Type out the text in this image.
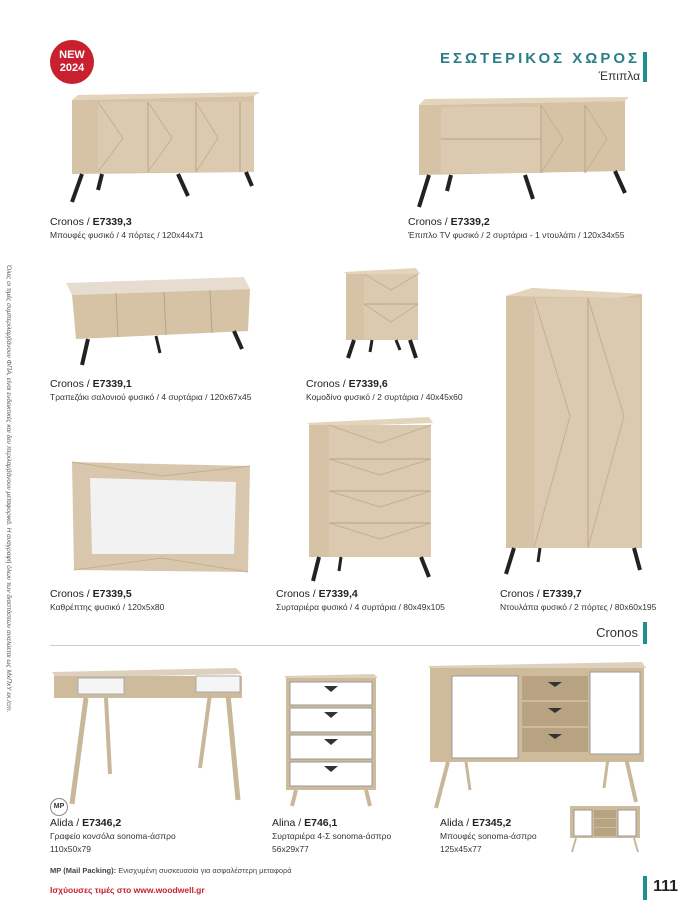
NEW
2024
ΕΣΩΤΕΡΙΚΟΣ ΧΩΡΟΣ
Έπιπλα
Όλες οι τιμές συμπεριλαμβάνουν ΦΠΑ, είναι ενδεικτικές και δεν περιλαμβάνουν μεταφορικά. Η αναγραφή όλων των διαστάσεων αναλύεται ως ΜxΠxΥ εκ./cm.
Cronos / E7339,3
Μπουφές φυσικό / 4 πόρτες / 120x44x71
Cronos / E7339,2
Έπιπλο TV φυσικό / 2 συρτάρια - 1 ντουλάπι / 120x34x55
Cronos / E7339,1
Τραπεζάκι σαλονιού φυσικό / 4 συρτάρια / 120x67x45
Cronos / E7339,6
Κομοδίνο φυσικό / 2 συρτάρια / 40x45x60
Cronos / E7339,5
Καθρέπτης φυσικό / 120x5x80
Cronos / E7339,4
Συρταριέρα φυσικό / 4 συρτάρια / 80x49x105
Cronos / E7339,7
Ντουλάπα φυσικό / 2 πόρτες / 80x60x195
Cronos
MP
Alida / E7346,2
Γραφείο κονσόλα sonoma-άσπρο
110x50x79
Alina / E746,1
Συρταριέρα 4-Σ sonoma-άσπρο
56x29x77
Alida / E7345,2
Μπουφές sonoma-άσπρο
125x45x77
MP (Mail Packing): Ενισχυμένη συσκευασία για ασφαλέστερη μεταφορά
Ισχύουσες τιμές στο www.woodwell.gr	111
